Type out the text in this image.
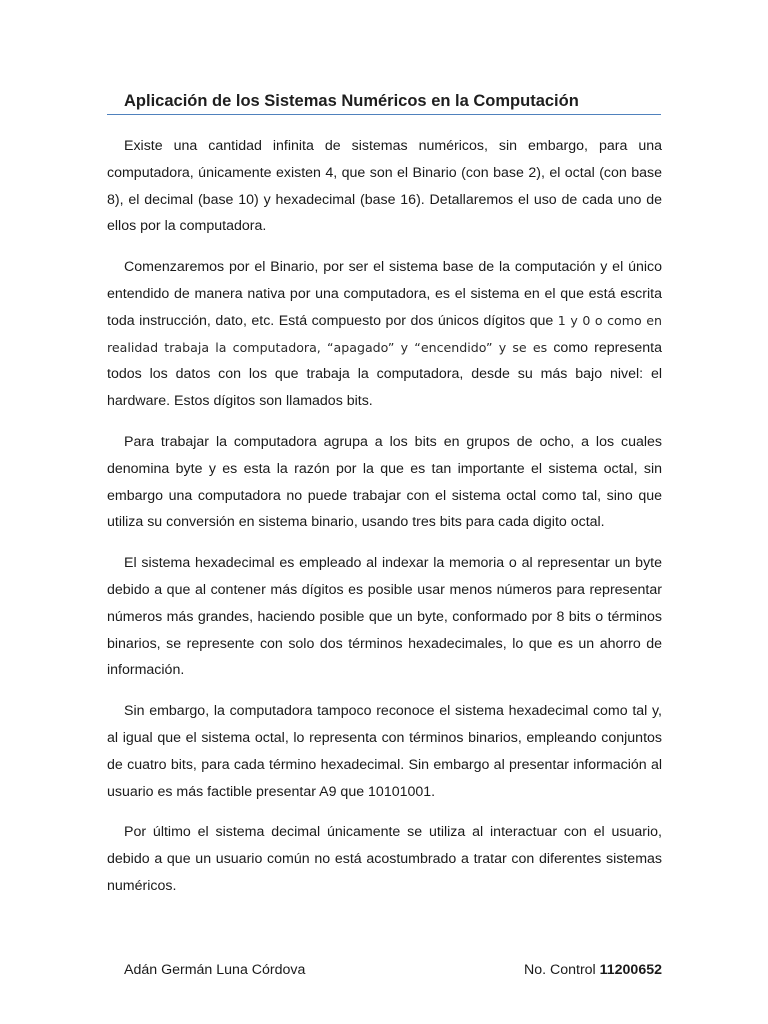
Aplicación de los Sistemas Numéricos en la Computación

Existe una cantidad infinita de sistemas numéricos, sin embargo, para una computadora, únicamente existen 4, que son el Binario (con base 2), el octal (con base 8), el decimal (base 10) y hexadecimal (base 16). Detallaremos el uso de cada uno de ellos por la computadora.

Comenzaremos por el Binario, por ser el sistema base de la computación y el único entendido de manera nativa por una computadora, es el sistema en el que está escrita toda instrucción, dato, etc. Está compuesto por dos únicos dígitos que 1 y 0 o como en realidad trabaja la computadora, “apagado” y “encendido” y se es como representa todos los datos con los que trabaja la computadora, desde su más bajo nivel: el hardware. Estos dígitos son llamados bits.

Para trabajar la computadora agrupa a los bits en grupos de ocho, a los cuales denomina byte y es esta la razón por la que es tan importante el sistema octal, sin embargo una computadora no puede trabajar con el sistema octal como tal, sino que utiliza su conversión en sistema binario, usando tres bits para cada digito octal.

El sistema hexadecimal es empleado al indexar la memoria o al representar un byte debido a que al contener más dígitos es posible usar menos números para representar números más grandes, haciendo posible que un byte, conformado por 8 bits o términos binarios, se represente con solo dos términos hexadecimales, lo que es un ahorro de información.

Sin embargo, la computadora tampoco reconoce el sistema hexadecimal como tal y, al igual que el sistema octal, lo representa con términos binarios, empleando conjuntos de cuatro bits, para cada término hexadecimal. Sin embargo al presentar información al usuario es más factible presentar A9 que 10101001.

Por último el sistema decimal únicamente se utiliza al interactuar con el usuario, debido a que un usuario común no está acostumbrado a tratar con diferentes sistemas numéricos.

Adán Germán Luna Córdova	No. Control 11200652
